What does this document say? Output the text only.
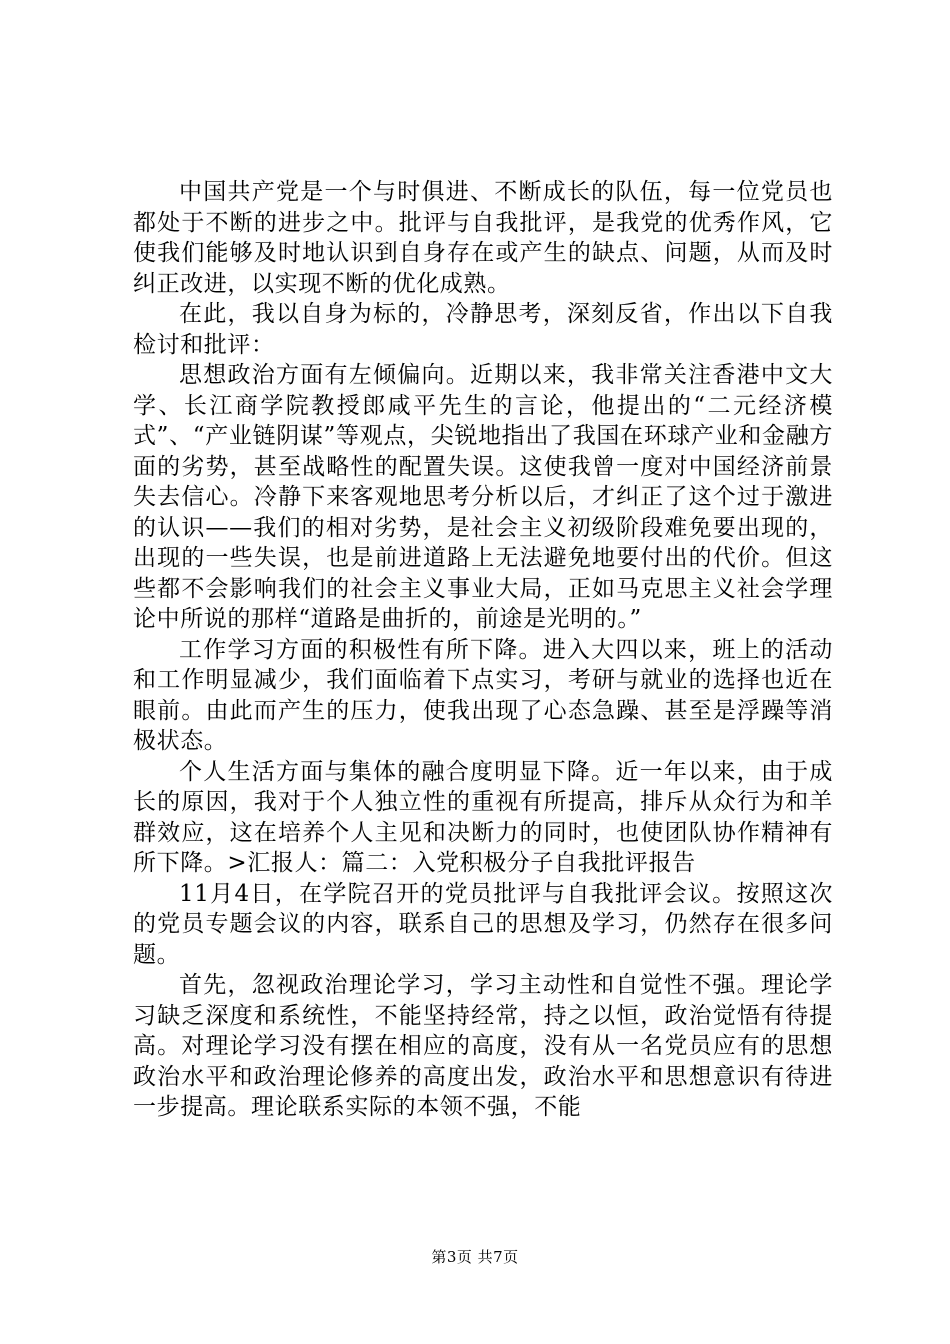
中国共产党是一个与时俱进、不断成长的队伍，每一位党员也都处于不断的进步之中。批评与自我批评，是我党的优秀作风，它使我们能够及时地认识到自身存在或产生的缺点、问题，从而及时纠正改进，以实现不断的优化成熟。

在此，我以自身为标的，冷静思考，深刻反省，作出以下自我检讨和批评：

思想政治方面有左倾偏向。近期以来，我非常关注香港中文大学、长江商学院教授郎咸平先生的言论，他提出的“二元经济模式”、“产业链阴谋”等观点，尖锐地指出了我国在环球产业和金融方面的劣势，甚至战略性的配置失误。这使我曾一度对中国经济前景失去信心。冷静下来客观地思考分析以后，才纠正了这个过于激进的认识——我们的相对劣势，是社会主义初级阶段难免要出现的，出现的一些失误，也是前进道路上无法避免地要付出的代价。但这些都不会影响我们的社会主义事业大局，正如马克思主义社会学理论中所说的那样“道路是曲折的，前途是光明的。”

工作学习方面的积极性有所下降。进入大四以来，班上的活动和工作明显减少，我们面临着下点实习，考研与就业的选择也近在眼前。由此而产生的压力，使我出现了心态急躁、甚至是浮躁等消极状态。

个人生活方面与集体的融合度明显下降。近一年以来，由于成长的原因，我对于个人独立性的重视有所提高，排斥从众行为和羊群效应，这在培养个人主见和决断力的同时，也使团队协作精神有所下降。>汇报人：篇二：入党积极分子自我批评报告

11月4日，在学院召开的党员批评与自我批评会议。按照这次的党员专题会议的内容，联系自己的思想及学习，仍然存在很多问题。

首先，忽视政治理论学习，学习主动性和自觉性不强。理论学习缺乏深度和系统性，不能坚持经常，持之以恒，政治觉悟有待提高。对理论学习没有摆在相应的高度，没有从一名党员应有的思想政治水平和政治理论修养的高度出发，政治水平和思想意识有待进一步提高。理论联系实际的本领不强，不能

第3页 共7页
